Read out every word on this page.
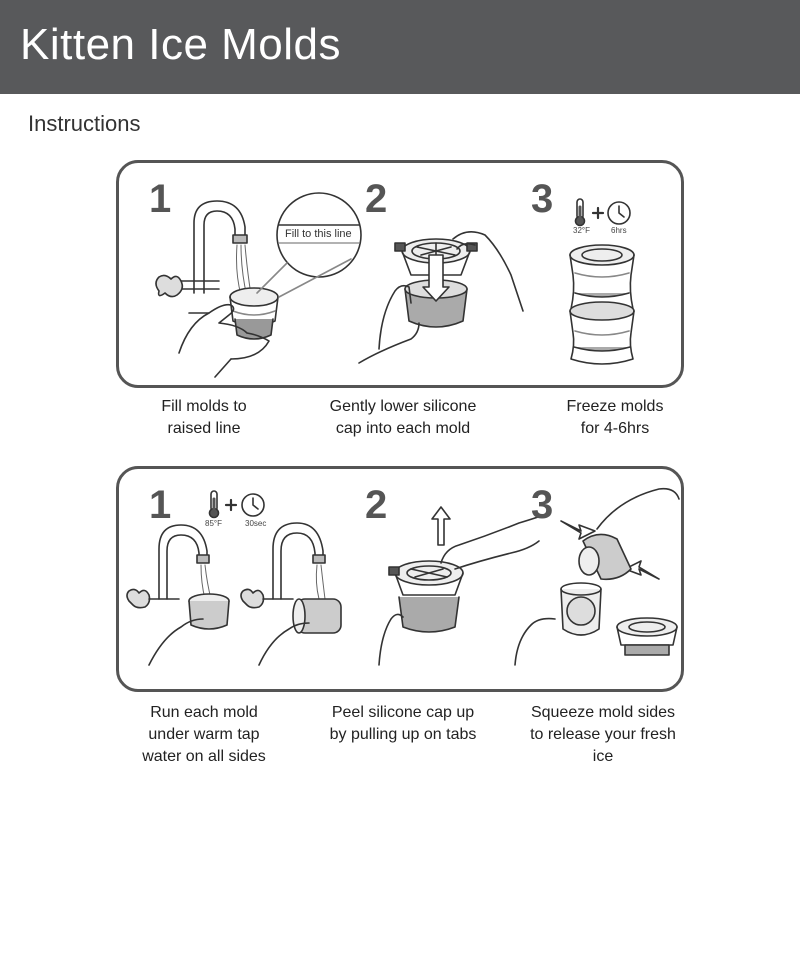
Kitten Ice Molds
Instructions
1	2	3
Fill to this line	32°F	6hrs
Fill molds to
raised line
Gently lower silicone
cap into each mold
Freeze molds
for 4-6hrs
1	2	3
85°F	30sec
Run each mold
under warm tap
water on all sides
Peel silicone cap up
by pulling up on tabs
Squeeze mold sides
to release your fresh
ice
